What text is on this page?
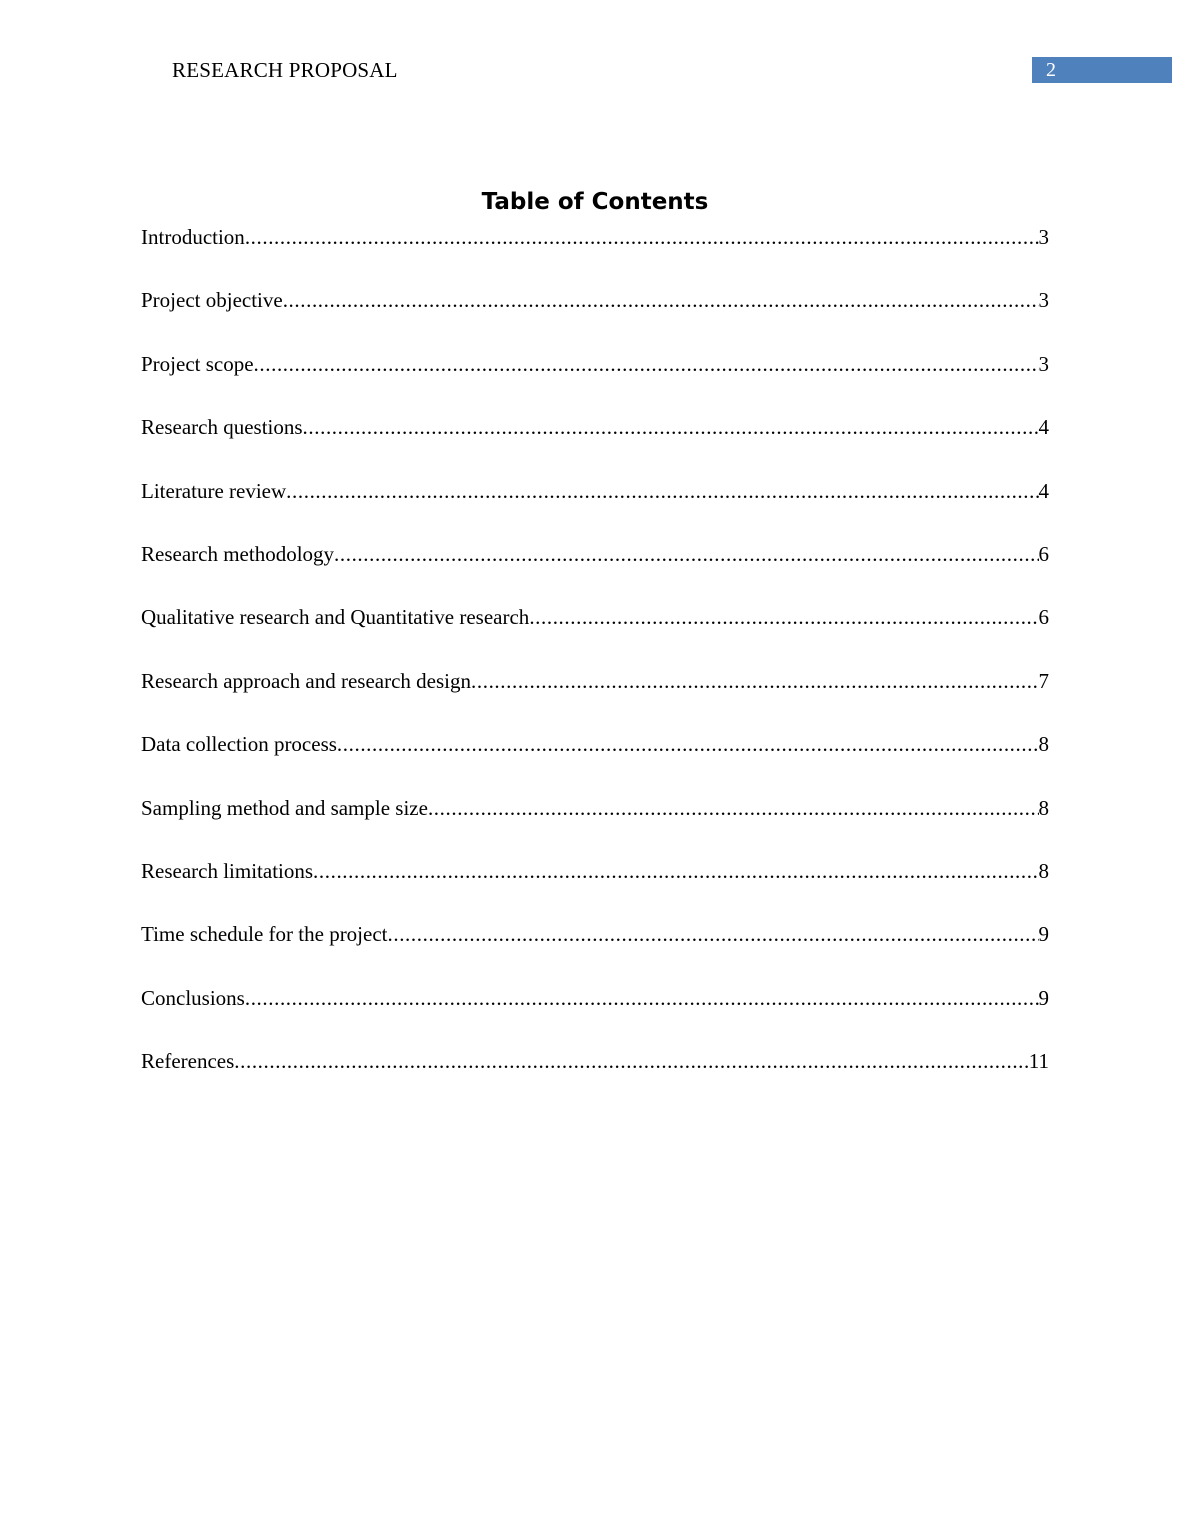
RESEARCH PROPOSAL	2
Table of Contents
Introduction .....	3
Project objective .....	3
Project scope .....	3
Research questions .....	4
Literature review .....	4
Research methodology .....	6
Qualitative research and Quantitative research .....	6
Research approach and research design .....	7
Data collection process .....	8
Sampling method and sample size .....	8
Research limitations .....	8
Time schedule for the project .....	9
Conclusions .....	9
References .....	11
